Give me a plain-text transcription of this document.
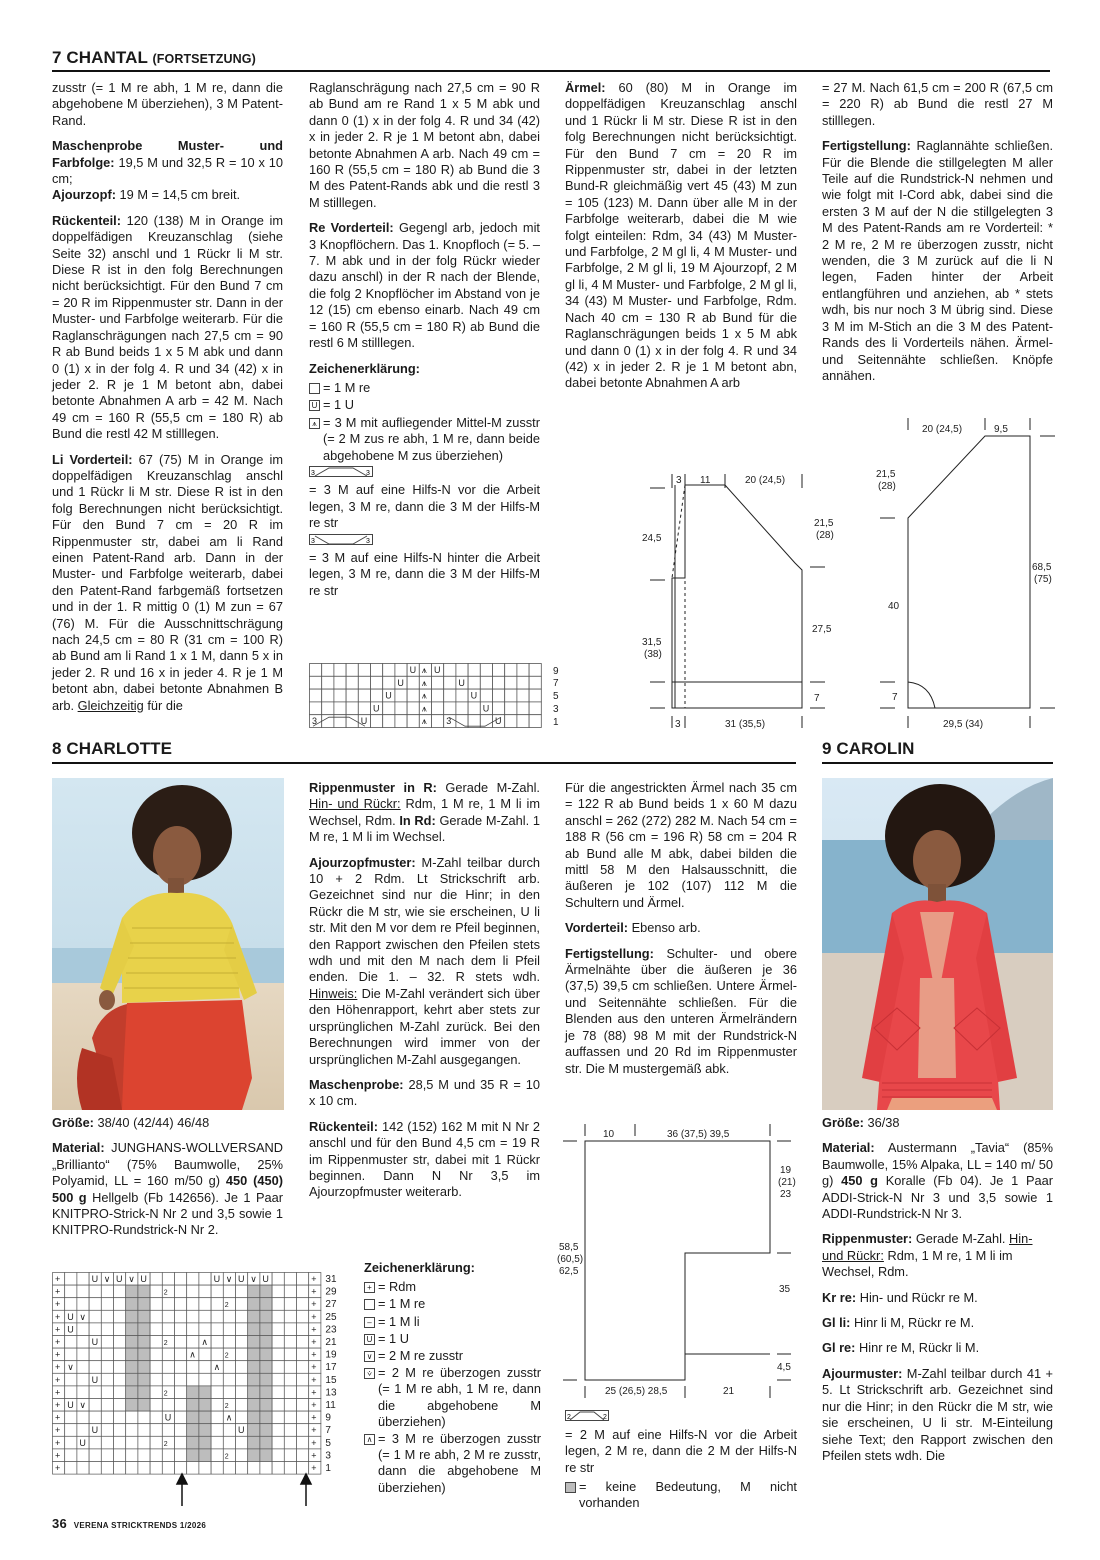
7 CHANTAL (FORTSETZUNG)

zusstr (= 1 M re abh, 1 M re, dann die abgehobene M überziehen), 3 M Patent-Rand.

Maschenprobe Muster- und Farbfolge: 19,5 M und 32,5 R = 10 x 10 cm;

Ajourzopf: 19 M = 14,5 cm breit.

Rückenteil: 120 (138) M in Orange im doppelfädigen Kreuzanschlag (siehe Seite 32) anschl und 1 Rückr li M str. Diese R ist in den folg Berechnungen nicht berücksichtigt. Für den Bund 7 cm = 20 R im Rippenmuster str. Dann in der Muster- und Farbfolge weiterarb. Für die Raglanschrägungen nach 27,5 cm = 90 R ab Bund beids 1 x 5 M abk und dann 0 (1) x in der folg 4. R und 34 (42) x in jeder 2. R je 1 M betont abn, dabei betonte Abnahmen A arb = 42 M. Nach 49 cm = 160 R (55,5 cm = 180 R) ab Bund die restl 42 M stilllegen.

Li Vorderteil: 67 (75) M in Orange im doppelfädigen Kreuzanschlag anschl und 1 Rückr li M str. Diese R ist in den folg Berechnungen nicht berücksichtigt. Für den Bund 7 cm = 20 R im Rippenmuster str, dabei am li Rand einen Patent-Rand arb. Dann in der Muster- und Farbfolge weiterarb, dabei den Patent-Rand farbgemäß fortsetzen und in der 1. R mittig 0 (1) M zun = 67 (76) M. Für die Ausschnittschrägung nach 24,5 cm = 80 R (31 cm = 100 R) ab Bund am li Rand 1 x 1 M, dann 5 x in jeder 2. R und 16 x in jeder 4. R je 1 M betont abn, dabei betonte Abnahmen B arb. Gleichzeitig für die

Raglanschrägung nach 27,5 cm = 90 R ab Bund am re Rand 1 x 5 M abk und dann 0 (1) x in der folg 4. R und 34 (42) x in jeder 2. R je 1 M betont abn, dabei betonte Abnahmen A arb. Nach 49 cm = 160 R (55,5 cm = 180 R) ab Bund die 3 M des Patent-Rands abk und die restl 3 M stilllegen.

Re Vorderteil: Gegengl arb, jedoch mit 3 Knopflöchern. Das 1. Knopfloch (= 5. – 7. M abk und in der folg Rückr wieder dazu anschl) in der R nach der Blende, die folg 2 Knopflöcher im Abstand von je 12 (15) cm ebenso einarb. Nach 49 cm = 160 R (55,5 cm = 180 R) ab Bund die restl 6 M stilllegen.

Zeichenerklärung:

= 1 M re
U = 1 U
⩚ = 3 M mit aufliegender Mittel-M zusstr (= 2 M zus re abh, 1 M re, dann beide abgehobene M zus überziehen)
3	3
= 3 M auf eine Hilfs-N vor die Arbeit legen, 3 M re, dann die 3 M der Hilfs-M re str
3	3
= 3 M auf eine Hilfs-N hinter die Arbeit legen, 3 M re, dann die 3 M der Hilfs-M re str
U ⩚ U
U ⩚	U
U	⩚	U
U	⩚	U
3	3
U	⩚	U
9
7
5
3
1

Ärmel: 60 (80) M in Orange im doppelfädigen Kreuzanschlag anschl und 1 Rückr li M str. Diese R ist in den folg Berechnungen nicht berücksichtigt. Für den Bund 7 cm = 20 R im Rippenmuster str, dabei in der letzten Bund-R gleichmäßig vert 45 (43) M zun = 105 (123) M. Dann über alle M in der Farbfolge weiterarb, dabei die M wie folgt einteilen: Rdm, 34 (43) M Muster- und Farbfolge, 2 M gl li, 4 M Muster- und Farbfolge, 2 M gl li, 19 M Ajourzopf, 2 M gl li, 4 M Muster- und Farbfolge, 2 M gl li, 34 (43) M Muster- und Farbfolge, Rdm. Nach 40 cm = 130 R ab Bund für die Raglanschrägungen beids 1 x 5 M abk und dann 0 (1) x in der folg 4. R und 34 (42) x in jeder 2. R je 1 M betont abn, dabei betonte Abnahmen A arb

= 27 M. Nach 61,5 cm = 200 R (67,5 cm = 220 R) ab Bund die restl 27 M stilllegen.

Fertigstellung: Raglannähte schließen. Für die Blende die stillgelegten M aller Teile auf die Rundstrick-N nehmen und wie folgt mit I-Cord abk, dabei sind die ersten 3 M auf der N die stillgelegten 3 M des Patent-Rands am re Vorderteil: * 2 M re, 2 M re überzogen zusstr, nicht wenden, die 3 M zurück auf die li N legen, Faden hinter der Arbeit entlangführen und anziehen, ab * stets wdh, bis nur noch 3 M übrig sind. Diese 3 M im M-Stich an die 3 M des Patent-Rands des li Vorderteils nähen. Ärmel- und Seitennähte schließen. Knöpfe annähen.

3 11	20 (24,5)
24,5
31,5
(38)
21,5
(28)
27,5
7
3	31 (35,5)
20 (24,5)	9,5
21,5
(28)
40
7
68,5
(75)
29,5 (34)
8 CHARLOTTE	9 CAROLIN

Größe: 38/40 (42/44) 46/48

Material: JUNGHANS-WOLLVERSAND „Brillianto“ (75% Baumwolle, 25% Polyamid, LL = 160 m/50 g) 450 (450) 500 g Hellgelb (Fb 142656). Je 1 Paar KNITPRO-Strick-N Nr 2 und 3,5 sowie 1 KNITPRO-Rundstrick-N Nr 2.

+	+
+	+
+	+
+	+
+	+
+	+
+	+
+	+
+	+
+	+
+	+
+	+
+	+
+	+
+	+
+	+
U ∨ U ∨ U	U ∨ U ∨ U
U ∨
U
U
∨
U
U ∨
U
U
∧
∧
∧
U	∧
U
2
2
2
2
2
2
2
2
31
29
27
25
23
21
19
17
15
13
11
9
7
5
3
1

Rippenmuster in R: Gerade M-Zahl. Hin- und Rückr: Rdm, 1 M re, 1 M li im Wechsel, Rdm. In Rd: Gerade M-Zahl. 1 M re, 1 M li im Wechsel.

Ajourzopfmuster: M-Zahl teilbar durch 10 + 2 Rdm. Lt Strickschrift arb. Gezeichnet sind nur die Hinr; in den Rückr die M str, wie sie erscheinen, U li str. Mit den M vor dem re Pfeil beginnen, den Rapport zwischen den Pfeilen stets wdh und mit den M nach dem li Pfeil enden. Die 1. – 32. R stets wdh. Hinweis: Die M-Zahl verändert sich über den Höhenrapport, kehrt aber stets zur ursprünglichen M-Zahl zurück. Bei den Berechnungen wird immer von der ursprünglichen M-Zahl ausgegangen.

Maschenprobe: 28,5 M und 35 R = 10 x 10 cm.

Rückenteil: 142 (152) 162 M mit N Nr 2 anschl und für den Bund 4,5 cm = 19 R im Rippenmuster str, dabei mit 1 Rückr beginnen. Dann N Nr 3,5 im Ajourzopfmuster weiterarb.

Zeichenerklärung:

+ = Rdm
= 1 M re
– = 1 M li
U = 1 U
∨ = 2 M re zusstr
⩒ = 2 M re überzogen zusstr (= 1 M re abh, 1 M re, dann die abgehobene M überziehen)
∧ = 3 M re überzogen zusstr (= 1 M re abh, 2 M re zusstr, dann die abgehobene M überziehen)

Für die angestrickten Ärmel nach 35 cm = 122 R ab Bund beids 1 x 60 M dazu anschl = 262 (272) 282 M. Nach 54 cm = 188 R (56 cm = 196 R) 58 cm = 204 R ab Bund alle M abk, dabei bilden die mittl 58 M den Halsausschnitt, die äußeren je 102 (107) 112 M die Schultern und Ärmel.

Vorderteil: Ebenso arb.

Fertigstellung: Schulter- und obere Ärmelnähte über die äußeren je 36 (37,5) 39,5 cm schließen. Untere Ärmel- und Seitennähte schließen. Für die Blenden aus den unteren Ärmelrändern je 78 (88) 98 M mit der Rundstrick-N auffassen und 20 Rd im Rippenmuster str. Die M mustergemäß abk.

10	36 (37,5) 39,5
58,5
(60,5)
62,5
19
(21)
23
35
4,5
25 (26,5) 28,5	21
2	2

= 2 M auf eine Hilfs-N vor die Arbeit legen, 2 M re, dann die 2 M der Hilfs-N re str

= keine Bedeutung, M nicht vorhanden

Größe: 36/38

Material: Austermann „Tavia“ (85% Baumwolle, 15% Alpaka, LL = 140 m/ 50 g) 450 g Koralle (Fb 04). Je 1 Paar ADDI-Strick-N Nr 3 und 3,5 sowie 1 ADDI-Rundstrick-N Nr 3.

Rippenmuster: Gerade M-Zahl. Hin- und Rückr: Rdm, 1 M re, 1 M li im Wechsel, Rdm.

Kr re: Hin- und Rückr re M.

Gl li: Hinr li M, Rückr re M.

Gl re: Hinr re M, Rückr li M.

Ajourmuster: M-Zahl teilbar durch 41 + 5. Lt Strickschrift arb. Gezeichnet sind nur die Hinr; in den Rückr die M str, wie sie erscheinen, U li str. M-Einteilung siehe Text; den Rapport zwischen den Pfeilen stets wdh. Die

36 VERENA STRICKTRENDS 1/2026
